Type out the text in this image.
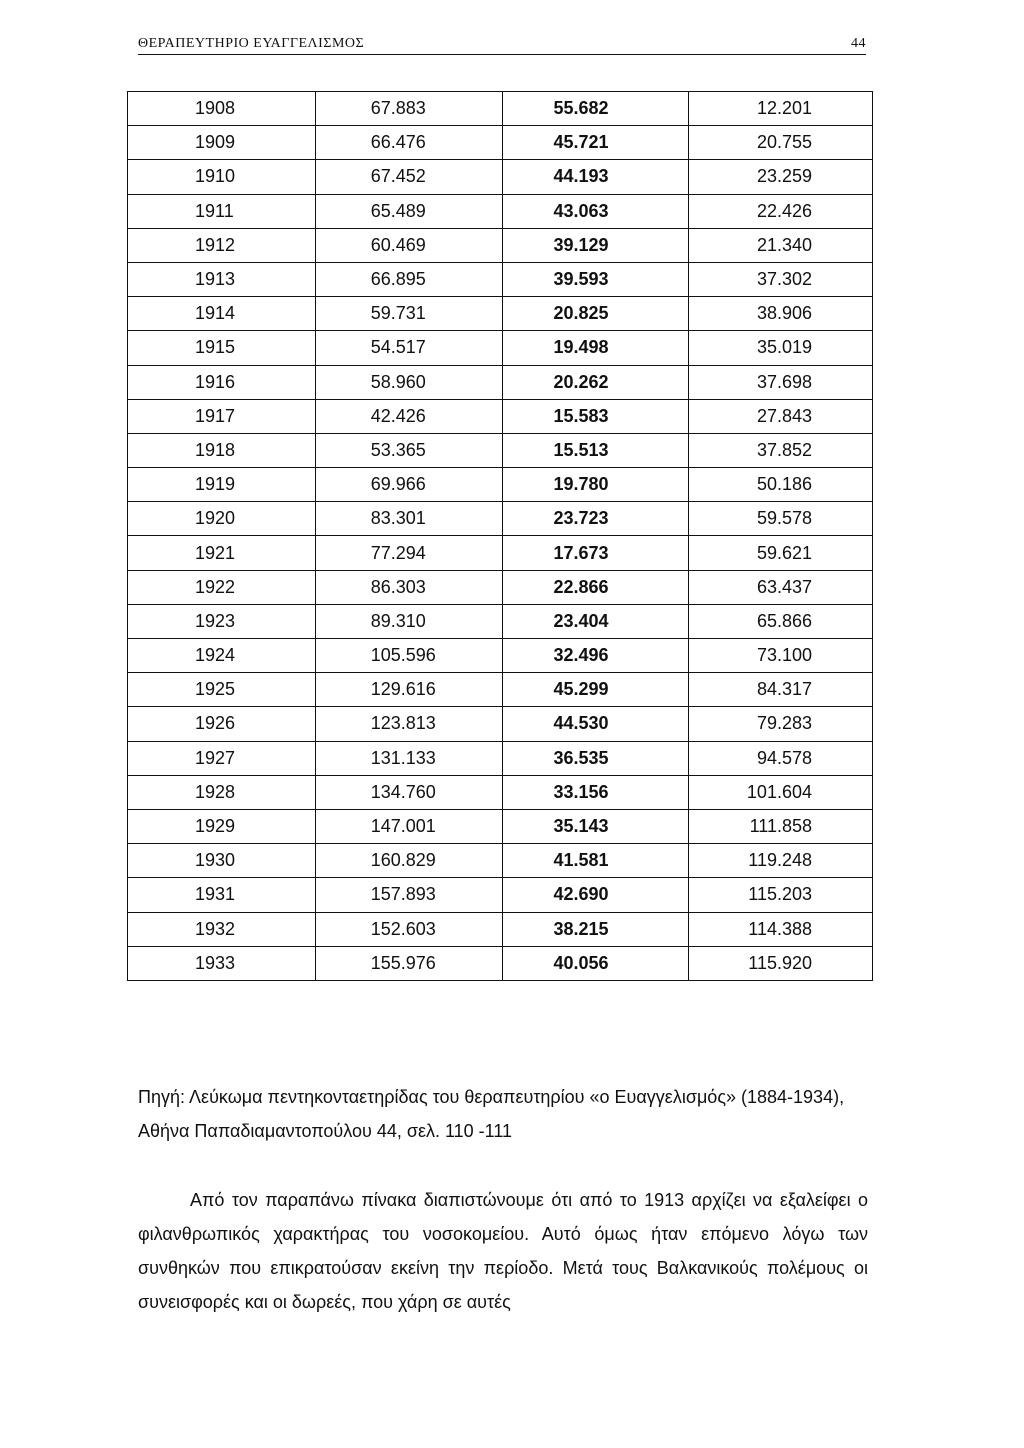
ΘΕΡΑΠΕΥΤΗΡΙΟ ΕΥΑΓΓΕΛΙΣΜΟΣ	44
1908	67.883	55.682	12.201
1909	66.476	45.721	20.755
1910	67.452	44.193	23.259
1911	65.489	43.063	22.426
1912	60.469	39.129	21.340
1913	66.895	39.593	37.302
1914	59.731	20.825	38.906
1915	54.517	19.498	35.019
1916	58.960	20.262	37.698
1917	42.426	15.583	27.843
1918	53.365	15.513	37.852
1919	69.966	19.780	50.186
1920	83.301	23.723	59.578
1921	77.294	17.673	59.621
1922	86.303	22.866	63.437
1923	89.310	23.404	65.866
1924	105.596	32.496	73.100
1925	129.616	45.299	84.317
1926	123.813	44.530	79.283
1927	131.133	36.535	94.578
1928	134.760	33.156	101.604
1929	147.001	35.143	111.858
1930	160.829	41.581	119.248
1931	157.893	42.690	115.203
1932	152.603	38.215	114.388
1933	155.976	40.056	115.920
Πηγή: Λεύκωμα πεντηκονταετηρίδας του θεραπευτηρίου «ο Ευαγγελισμός» (1884-1934), Αθήνα Παπαδιαμαντοπούλου 44, σελ. 110 -111

Από τον παραπάνω πίνακα διαπιστώνουμε ότι από το 1913 αρχίζει να εξαλείφει ο φιλανθρωπικός χαρακτήρας του νοσοκομείου. Αυτό όμως ήταν επόμενο λόγω των συνθηκών που επικρατούσαν εκείνη την περίοδο. Μετά τους Βαλκανικούς πολέμους οι συνεισφορές και οι δωρεές, που χάρη σε αυτές
